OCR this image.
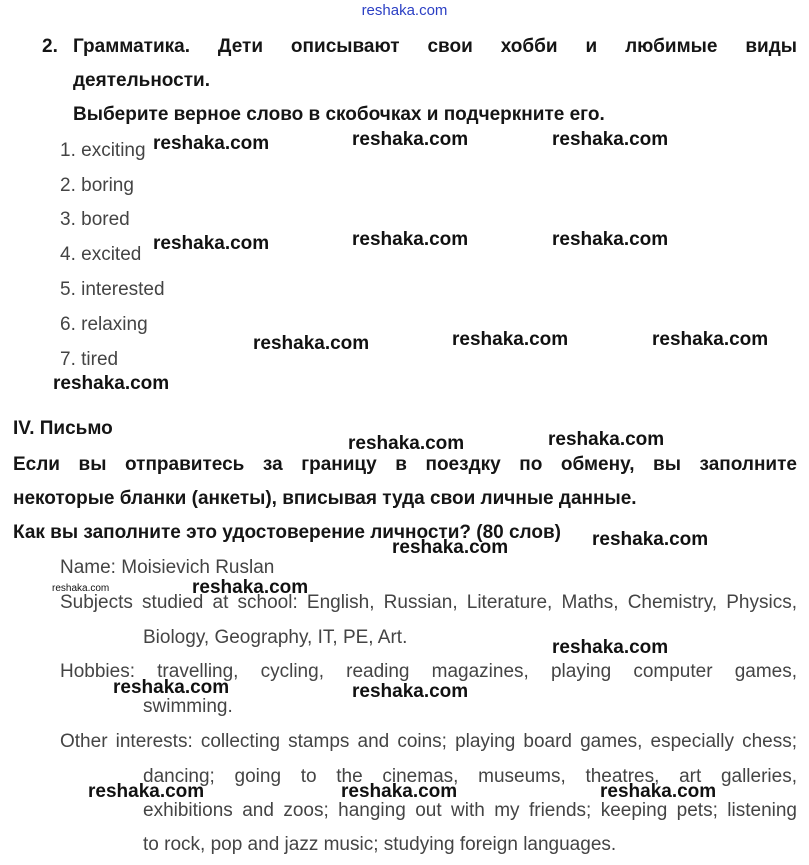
reshaka.com
2. Грамматика. Дети описывают свои хобби и любимые виды
деятельности.
Выберите верное слово в скобочках и подчеркните его.
1. exciting
2. boring
3. bored
4. excited
5. interested
6. relaxing
7. tired
IV. Письмо
Если вы отправитесь за границу в поездку по обмену, вы заполните
некоторые бланки (анкеты), вписывая туда свои личные данные.
Как вы заполните это удостоверение личности? (80 слов)
Name: Moisievich Ruslan
Subjects studied at school: English, Russian, Literature, Maths, Chemistry, Physics,
Biology, Geography, IT, PE, Art.
Hobbies: travelling, cycling, reading magazines, playing computer games,
swimming.
Other interests: collecting stamps and coins; playing board games, especially chess;
dancing; going to the cinemas, museums, theatres, art galleries,
exhibitions and zoos; hanging out with my friends; keeping pets; listening
to rock, pop and jazz music; studying foreign languages.
reshaka.com	reshaka.com	reshaka.com
reshaka.com	reshaka.com	reshaka.com
reshaka.com	reshaka.com	reshaka.com
reshaka.com
reshaka.com	reshaka.com
reshaka.com	reshaka.com
reshaka.com	reshaka.com
reshaka.com
reshaka.com	reshaka.com
reshaka.com	reshaka.com	reshaka.com
